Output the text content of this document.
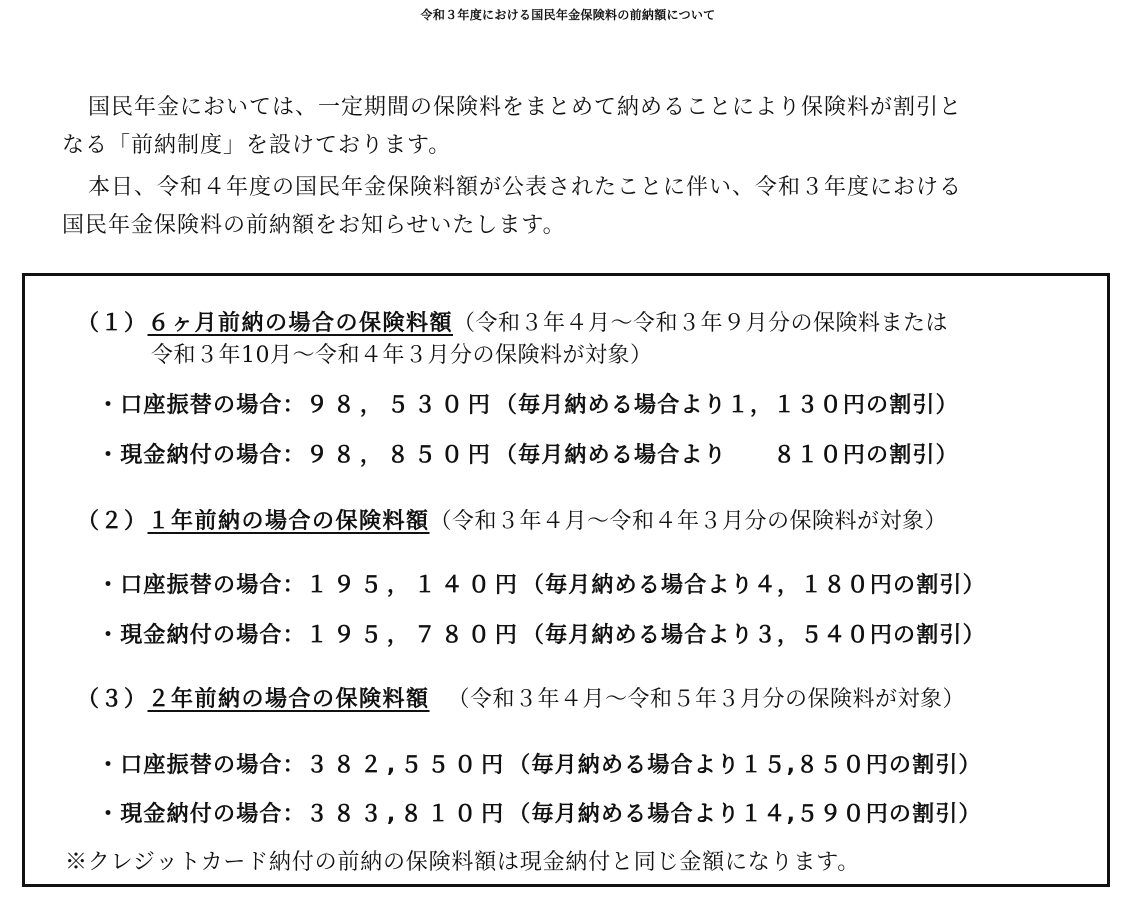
令和３年度における国民年金保険料の前納額について
国民年金においては、一定期間の保険料をまとめて納めることにより保険料が割引と
なる「前納制度」を設けております。
本日、令和４年度の国民年金保険料額が公表されたことに伴い、令和３年度における
国民年金保険料の前納額をお知らせいたします。
（１）６ヶ月前納の場合の保険料額（令和３年４月～令和３年９月分の保険料または
令和３年10月～令和４年３月分の保険料が対象）
・口座振替の場合：９８，５３０円（毎月納める場合より１，１３０円の割引）
・現金納付の場合：９８，８５０円（毎月納める場合より　　８１０円の割引）
（２）１年前納の場合の保険料額（令和３年４月～令和４年３月分の保険料が対象）
・口座振替の場合：１９５，１４０円（毎月納める場合より４，１８０円の割引）
・現金納付の場合：１９５，７８０円（毎月納める場合より３，５４０円の割引）
（３）２年前納の場合の保険料額 （令和３年４月～令和５年３月分の保険料が対象）
・口座振替の場合：３８２,５５０円（毎月納める場合より１５,８５０円の割引）
・現金納付の場合：３８３,８１０円（毎月納める場合より１４,５９０円の割引）
※クレジットカード納付の前納の保険料額は現金納付と同じ金額になります。
